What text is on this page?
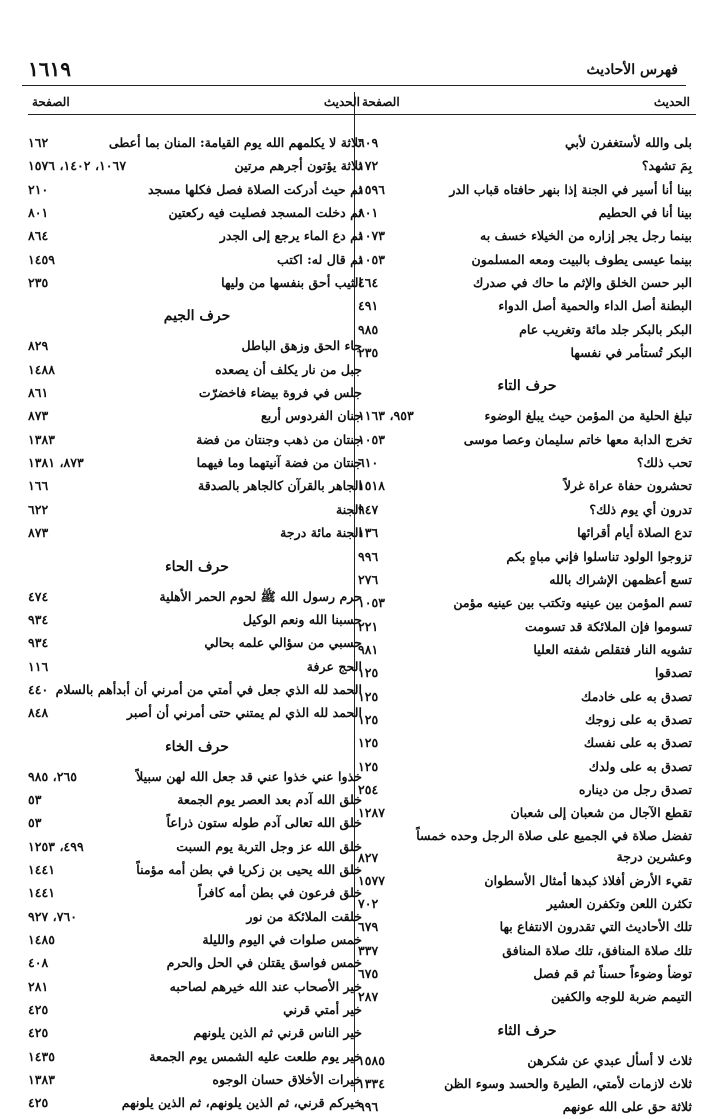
١٦١٩	فهرس الأحاديث
الحديث
الصفحة
بلى والله لأستغفرن لأبي
٦٠٩
بِمَ تشهد؟
١٧٢
بينا أنا أسير في الجنة إذا بنهر حافتاه قباب الدر
١٥٩٦
بينا أنا في الحطيم
٨٠١
بينما رجل يجر إزاره من الخيلاء خسف به
١٠٧٣
بينما عيسى يطوف بالبيت ومعه المسلمون
١٠٥٣
البر حسن الخلق والإثم ما حاك في صدرك
٤٦٤
البطنة أصل الداء والحمية أصل الدواء
٤٩١
البكر بالبكر جلد مائة وتغريب عام
٩٨٥
البكر تُستأمر في نفسها
٢٣٥
حرف التاء
تبلغ الحلية من المؤمن حيث يبلغ الوضوء
٩٥٣، ١١٦٣
تخرج الدابة معها خاتم سليمان وعصا موسى
١٠٥٣
تحب ذلك؟
٦١٠
تحشرون حفاة عراة غرلاً
١٥١٨
تدرون أي يوم ذلك؟
٩٤٧
تدع الصلاة أيام أقرائها
١٣٦
تزوجوا الولود تناسلوا فإني مباهٍ بكم
٩٩٦
تسع أعظمهن الإشراك بالله
٢٧٦
تسم المؤمن بين عينيه وتكتب بين عينيه مؤمن
١٠٥٣
تسوموا فإن الملائكة قد تسومت
٢٢١
تشويه النار فتقلص شفته العليا
٩٨١
تصدقوا
١٢٥
تصدق به على خادمك
١٢٥
تصدق به على زوجك
١٢٥
تصدق به على نفسك
١٢٥
تصدق به على ولدك
١٢٥
تصدق رجل من ديناره
٢٥٤
تقطع الآجال من شعبان إلى شعبان
١٢٨٧
تفضل صلاة في الجميع على صلاة الرجل وحده خمساً وعشرين درجة
٨٢٧
تقيء الأرض أفلاذ كبدها أمثال الأسطوان
١٥٧٧
تكثرن اللعن وتكفرن العشير
٧٠٢
تلك الأحاديث التي تقدرون الانتفاع بها
٦٧٩
تلك صلاة المنافق، تلك صلاة المنافق
٣٣٧
توضأ وضوءاً حسناً ثم قم فصل
٦٧٥
التيمم ضربة للوجه والكفين
٢٨٧
حرف الثاء
ثلاث لا أسأل عبدي عن شكرهن
١٥٨٥
ثلاث لازمات لأمتي، الطيرة والحسد وسوء الظن
١٣٣٤
ثلاثة حق على الله عونهم
٩٩٦
الحديث
الصفحة
ثلاثة لا يكلمهم الله يوم القيامة: المنان بما أعطى
١٦٢
ثلاثة يؤتون أجرهم مرتين
١٠٦٧، ١٤٠٢، ١٥٧٦
ثم حيث أدركت الصلاة فصل فكلها مسجد
٢١٠
ثم دخلت المسجد فصليت فيه ركعتين
٨٠١
ثم دع الماء يرجع إلى الجدر
٨٦٤
ثم قال له: اكتب
١٤٥٩
الثيب أحق بنفسها من وليها
٢٣٥
حرف الجيم
جاء الحق وزهق الباطل
٨٢٩
جبل من نار يكلف أن يصعده
١٤٨٨
جلس في فروة بيضاء فاخضرّت
٨٦١
جنان الفردوس أربع
٨٧٣
جنتان من ذهب وجنتان من فضة
١٣٨٣
جنتان من فضة آنيتهما وما فيهما
٨٧٣، ١٣٨١
الجاهر بالقرآن كالجاهر بالصدقة
١٦٦
الجنة
٦٢٢
الجنة مائة درجة
٨٧٣
حرف الحاء
حرم رسول الله ﷺ لحوم الحمر الأهلية
٤٧٤
حسبنا الله ونعم الوكيل
٩٣٤
حسبي من سؤالي علمه بحالي
٩٣٤
الحج عرفة
١١٦
الحمد لله الذي جعل في أمتي من أمرني أن أبدأهم بالسلام
٤٤٠
الحمد لله الذي لم يمتني حتى أمرني أن أصبر
٨٤٨
حرف الخاء
خذوا عني خذوا عني قد جعل الله لهن سبيلاً
٢٦٥، ٩٨٥
خلق الله آدم بعد العصر يوم الجمعة
٥٣
خلق الله تعالى آدم طوله ستون ذراعاً
٥٣
خلق الله عز وجل التربة يوم السبت
٤٩٩، ١٢٥٣
خلق الله يحيى بن زكريا في بطن أمه مؤمناً
١٤٤١
خلق فرعون في بطن أمه كافراً
١٤٤١
خلقت الملائكة من نور
٧٦٠، ٩٢٧
خمس صلوات في اليوم والليلة
١٤٨٥
خمس فواسق يقتلن في الحل والحرم
٤٠٨
خير الأصحاب عند الله خيرهم لصاحبه
٢٨١
خير أمتي قرني
٤٢٥
خير الناس قرني ثم الذين يلونهم
٤٢٥
خير يوم طلعت عليه الشمس يوم الجمعة
١٤٣٥
خيرات الأخلاق حسان الوجوه
١٣٨٣
خيركم قرني، ثم الذين يلونهم، ثم الذين يلونهم
٤٢٥
